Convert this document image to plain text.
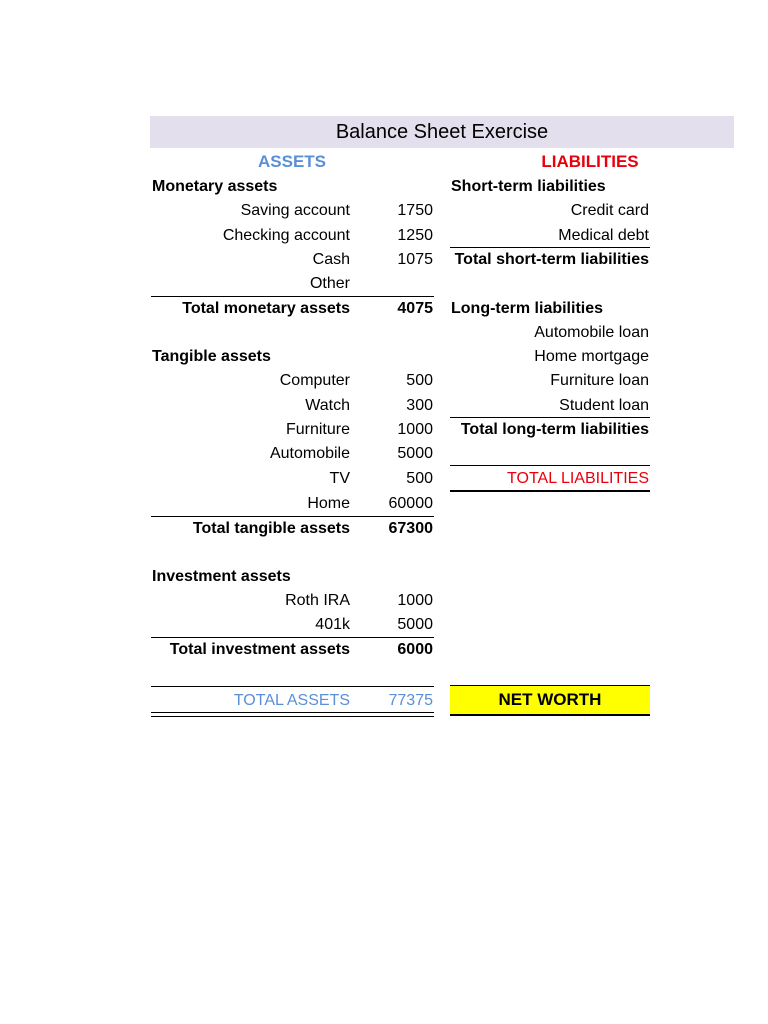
Balance Sheet Exercise
ASSETS	LIABILITIES
Monetary assets
Saving account	1750
Checking account	1250
Cash	1075
Other
Total monetary assets	4075
Tangible assets
Computer	500
Watch	300
Furniture	1000
Automobile	5000
TV	500
Home	60000
Total tangible assets	67300
Investment assets
Roth IRA	1000
401k	5000
Total investment assets	6000
TOTAL ASSETS	77375
Short-term liabilities
Credit card
Medical debt
Total short-term liabilities
Long-term liabilities
Automobile loan
Home mortgage
Furniture loan
Student loan
Total long-term liabilities
TOTAL LIABILITIES
NET WORTH
